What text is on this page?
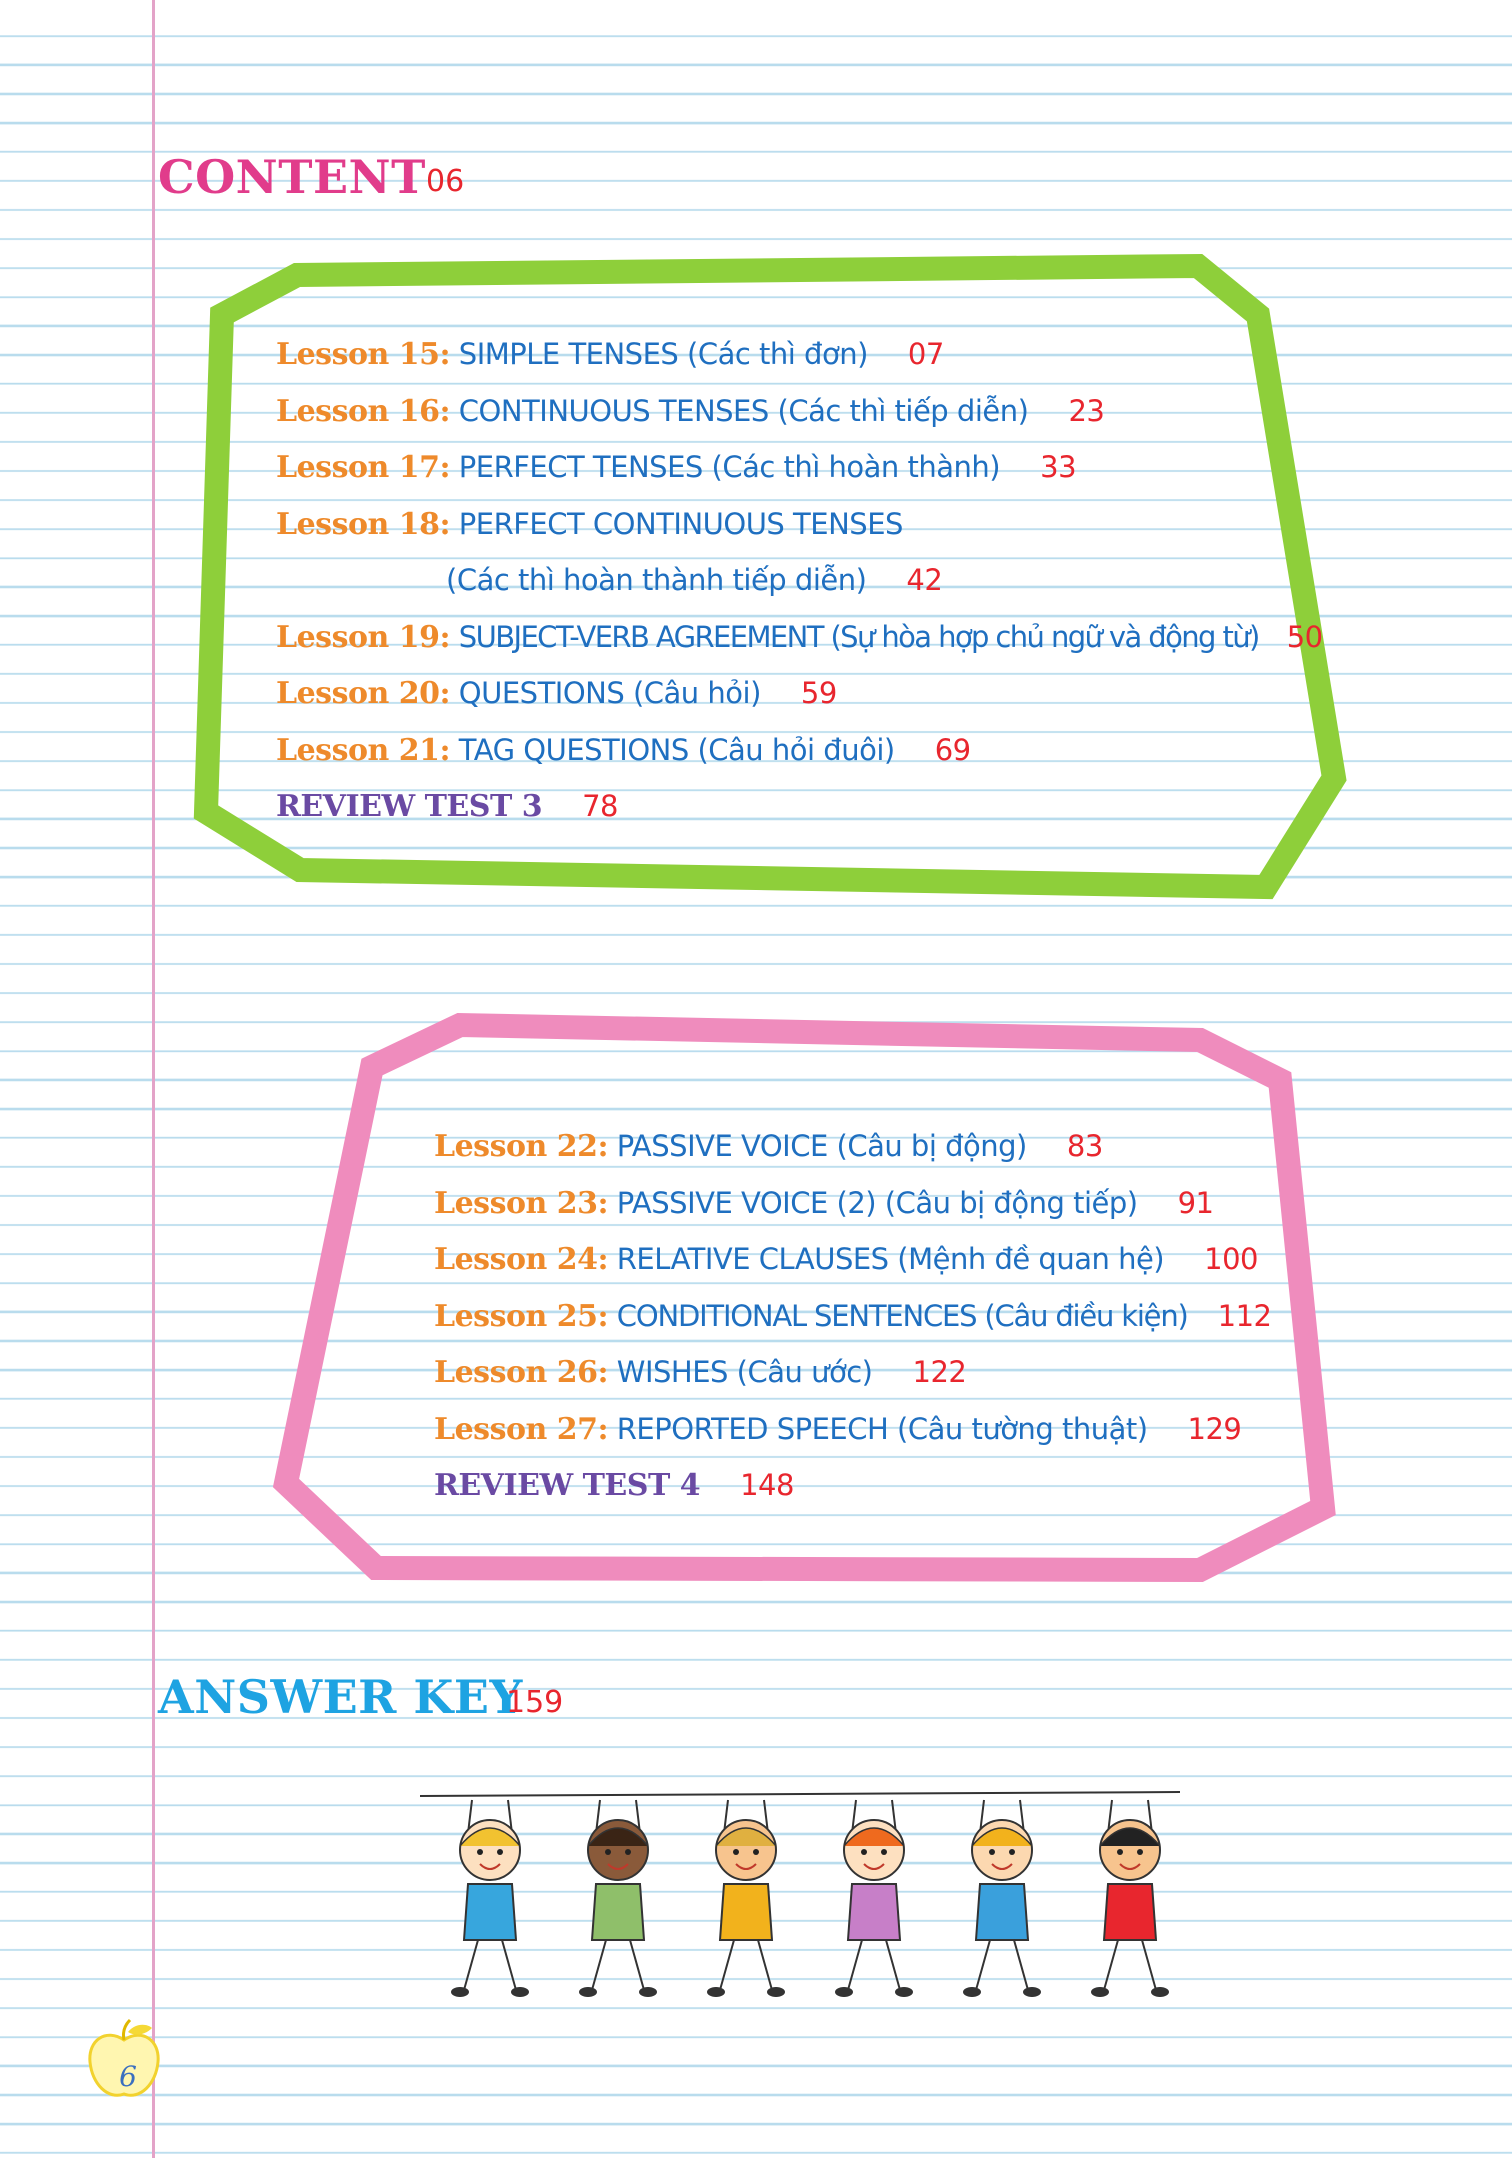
CONTENT 06
Lesson 15: SIMPLE TENSES (Các thì đơn) 07
Lesson 16: CONTINUOUS TENSES (Các thì tiếp diễn) 23
Lesson 17: PERFECT TENSES (Các thì hoàn thành) 33
Lesson 18: PERFECT CONTINUOUS TENSES
(Các thì hoàn thành tiếp diễn) 42
Lesson 19: SUBJECT-VERB AGREEMENT (Sự hòa hợp chủ ngữ và động từ) 50
Lesson 20: QUESTIONS (Câu hỏi) 59
Lesson 21: TAG QUESTIONS (Câu hỏi đuôi) 69
REVIEW TEST 3 78
Lesson 22: PASSIVE VOICE (Câu bị động) 83
Lesson 23: PASSIVE VOICE (2) (Câu bị động tiếp) 91
Lesson 24: RELATIVE CLAUSES (Mệnh đề quan hệ) 100
Lesson 25: CONDITIONAL SENTENCES (Câu điều kiện) 112
Lesson 26: WISHES (Câu ước) 122
Lesson 27: REPORTED SPEECH (Câu tường thuật) 129
REVIEW TEST 4 148
ANSWER KEY
159
6
